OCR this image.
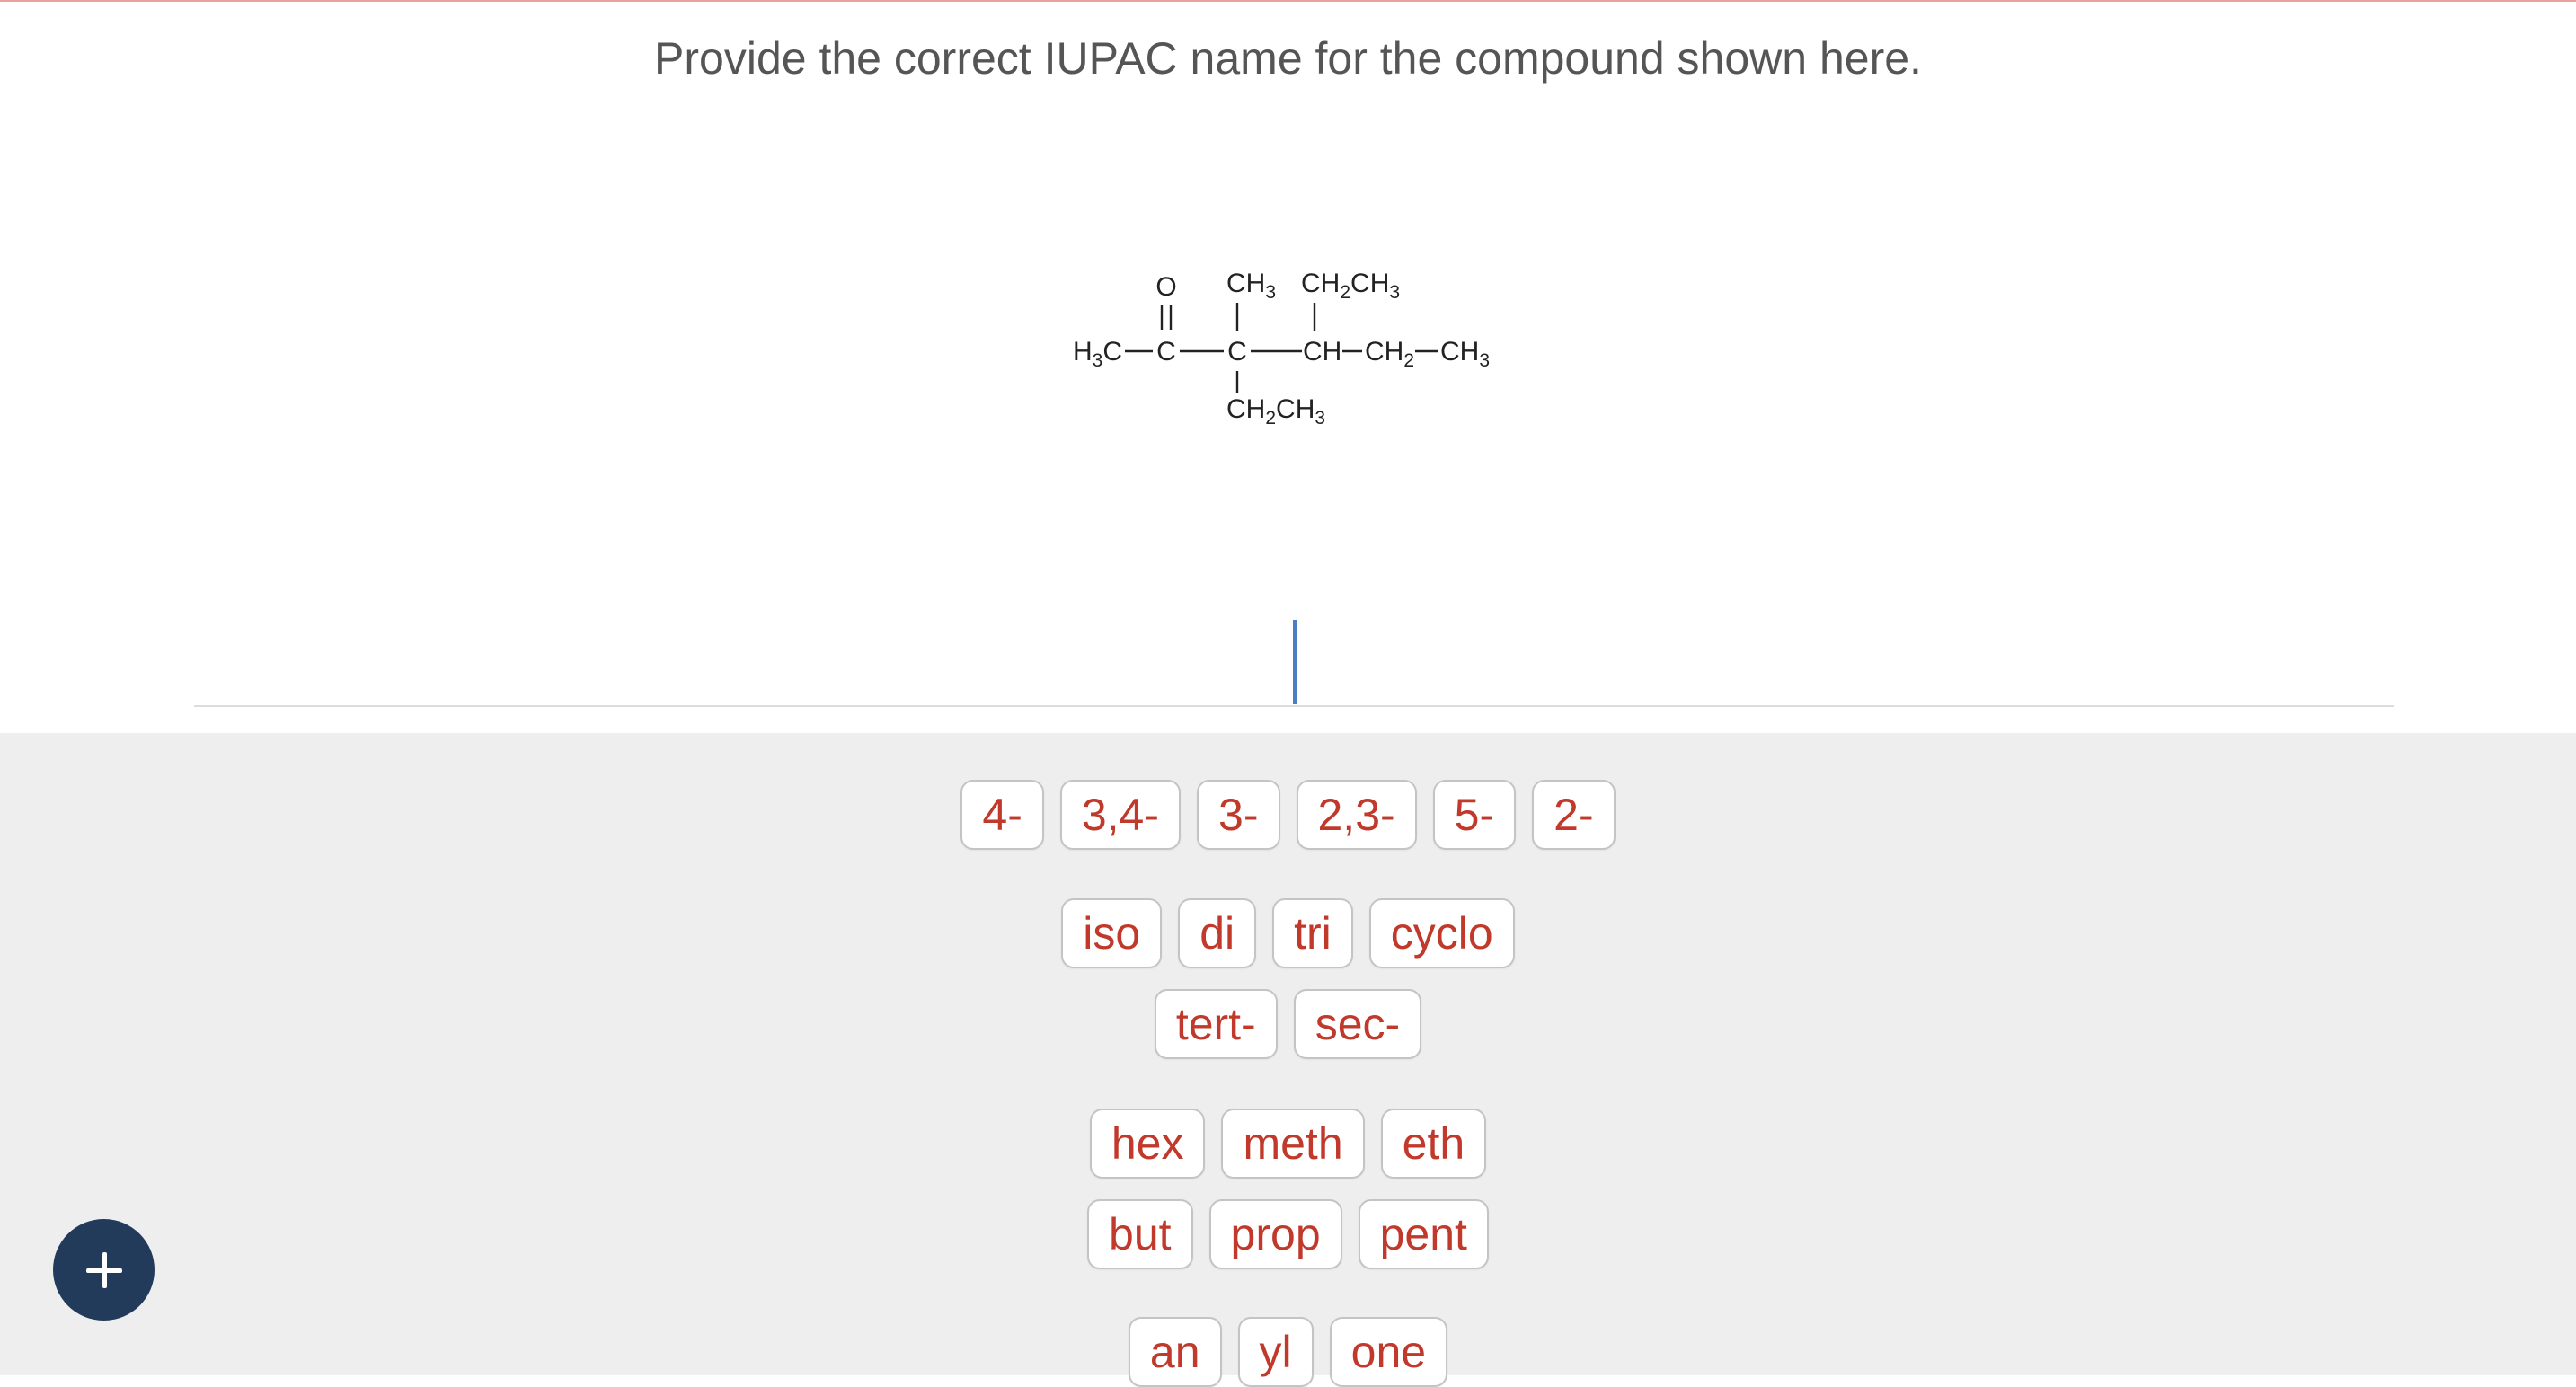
Provide the correct IUPAC name for the compound shown here.
O $CH_3$ $CH_2CH_3$
$H_3C$ C C CH $CH_2$ $CH_3$
$CH_2CH_3$
4-	3,4-	3-	2,3-	5-	2-
iso	di	tri	cyclo
tert-	sec-
hex	meth	eth
but	prop	pent
an	yl	one
